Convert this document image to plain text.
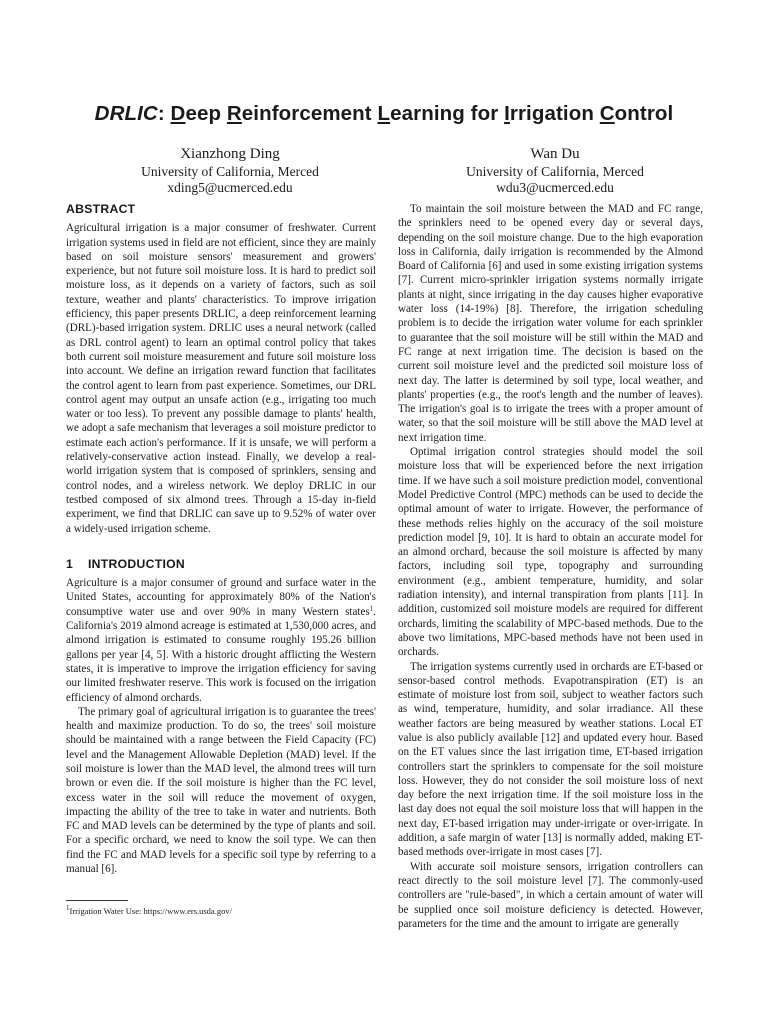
DRLIC: Deep Reinforcement Learning for Irrigation Control
Xianzhong Ding
University of California, Merced
xding5@ucmerced.edu
Wan Du
University of California, Merced
wdu3@ucmerced.edu
ABSTRACT

Agricultural irrigation is a major consumer of freshwater. Current irrigation systems used in field are not efficient, since they are mainly based on soil moisture sensors' measurement and growers' experience, but not future soil moisture loss. It is hard to predict soil moisture loss, as it depends on a variety of factors, such as soil texture, weather and plants' characteristics. To improve irrigation efficiency, this paper presents DRLIC, a deep reinforcement learning (DRL)-based irrigation system. DRLIC uses a neural network (called as DRL control agent) to learn an optimal control policy that takes both current soil moisture measurement and future soil moisture loss into account. We define an irrigation reward function that facilitates the control agent to learn from past experience. Sometimes, our DRL control agent may output an unsafe action (e.g., irrigating too much water or too less). To prevent any possible damage to plants' health, we adopt a safe mechanism that leverages a soil moisture predictor to estimate each action's performance. If it is unsafe, we will perform a relatively-conservative action instead. Finally, we develop a real-world irrigation system that is composed of sprinklers, sensing and control nodes, and a wireless network. We deploy DRLIC in our testbed composed of six almond trees. Through a 15-day in-field experiment, we find that DRLIC can save up to 9.52% of water over a widely-used irrigation scheme.

1 INTRODUCTION

Agriculture is a major consumer of ground and surface water in the United States, accounting for approximately 80% of the Nation's consumptive water use and over 90% in many Western states$^1$. California's 2019 almond acreage is estimated at 1,530,000 acres, and almond irrigation is estimated to consume roughly 195.26 billion gallons per year [4, 5]. With a historic drought afflicting the Western states, it is imperative to improve the irrigation efficiency for saving our limited freshwater reserve. This work is focused on the irrigation efficiency of almond orchards.

The primary goal of agricultural irrigation is to guarantee the trees' health and maximize production. To do so, the trees' soil moisture should be maintained with a range between the Field Capacity (FC) level and the Management Allowable Depletion (MAD) level. If the soil moisture is lower than the MAD level, the almond trees will turn brown or even die. If the soil moisture is higher than the FC level, excess water in the soil will reduce the movement of oxygen, impacting the ability of the tree to take in water and nutrients. Both FC and MAD levels can be determined by the type of plants and soil. For a specific orchard, we need to know the soil type. We can then find the FC and MAD levels for a specific soil type by referring to a manual [6].

To maintain the soil moisture between the MAD and FC range, the sprinklers need to be opened every day or several days, depending on the soil moisture change. Due to the high evaporation loss in California, daily irrigation is recommended by the Almond Board of California [6] and used in some existing irrigation systems [7]. Current micro-sprinkler irrigation systems normally irrigate plants at night, since irrigating in the day causes higher evaporative water loss (14-19%) [8]. Therefore, the irrigation scheduling problem is to decide the irrigation water volume for each sprinkler to guarantee that the soil moisture will be still within the MAD and FC range at next irrigation time. The decision is based on the current soil moisture level and the predicted soil moisture loss of next day. The latter is determined by soil type, local weather, and plants' properties (e.g., the root's length and the number of leaves). The irrigation's goal is to irrigate the trees with a proper amount of water, so that the soil moisture will be still above the MAD level at next irrigation time.

Optimal irrigation control strategies should model the soil moisture loss that will be experienced before the next irrigation time. If we have such a soil moisture prediction model, conventional Model Predictive Control (MPC) methods can be used to decide the optimal amount of water to irrigate. However, the performance of these methods relies highly on the accuracy of the soil moisture prediction model [9, 10]. It is hard to obtain an accurate model for an almond orchard, because the soil moisture is affected by many factors, including soil type, topography and surrounding environment (e.g., ambient temperature, humidity, and solar radiation intensity), and internal transpiration from plants [11]. In addition, customized soil moisture models are required for different orchards, limiting the scalability of MPC-based methods. Due to the above two limitations, MPC-based methods have not been used in orchards.

The irrigation systems currently used in orchards are ET-based or sensor-based control methods. Evapotranspiration (ET) is an estimate of moisture lost from soil, subject to weather factors such as wind, temperature, humidity, and solar irradiance. All these weather factors are being measured by weather stations. Local ET value is also publicly available [12] and updated every hour. Based on the ET values since the last irrigation time, ET-based irrigation controllers start the sprinklers to compensate for the soil moisture loss. However, they do not consider the soil moisture loss of next day before the next irrigation time. If the soil moisture loss in the last day does not equal the soil moisture loss that will happen in the next day, ET-based irrigation may under-irrigate or over-irrigate. In addition, a safe margin of water [13] is normally added, making ET-based methods over-irrigate in most cases [7].

With accurate soil moisture sensors, irrigation controllers can react directly to the soil moisture level [7]. The commonly-used controllers are "rule-based", in which a certain amount of water will be supplied once soil moisture deficiency is detected. However, parameters for the time and the amount to irrigate are generally

$^1$Irrigation Water Use: https://www.ers.usda.gov/
